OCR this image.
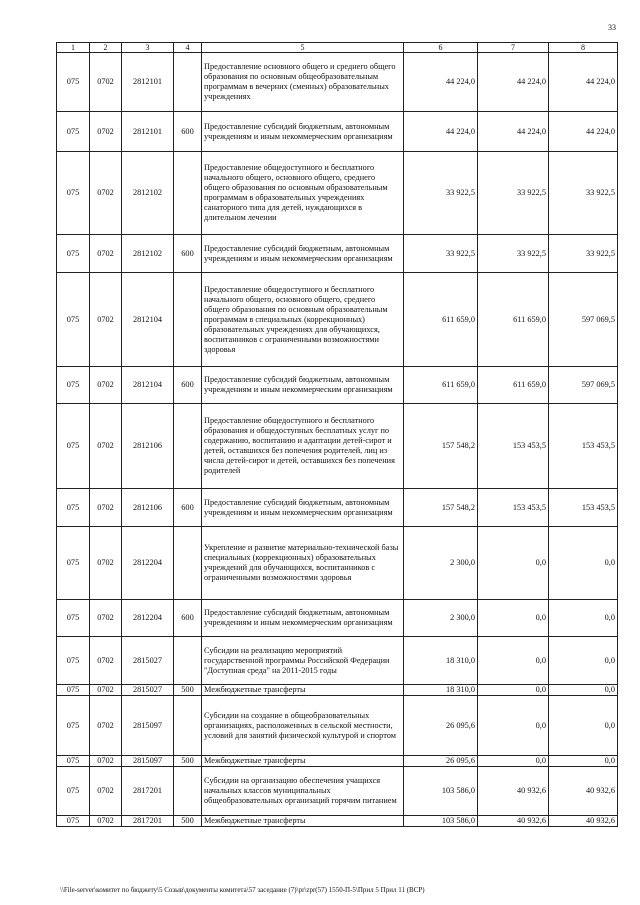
33
1	2	3	4	5	6	7	8
075	0702	2812101		Предоставление основного общего и среднего общего образования по основным общеобразовательным программам в вечерних (сменных) образовательных учреждениях	44 224,0	44 224,0	44 224,0
075	0702	2812101	600	Предоставление субсидий бюджетным, автономным учреждениям и иным некоммерческим организациям	44 224,0	44 224,0	44 224,0
075	0702	2812102		Предоставление общедоступного и бесплатного начального общего, основного общего, среднего общего образования по основным образовательным программам в образовательных учреждениях санаторного типа для детей, нуждающихся в длительном лечении	33 922,5	33 922,5	33 922,5
075	0702	2812102	600	Предоставление субсидий бюджетным, автономным учреждениям и иным некоммерческим организациям	33 922,5	33 922,5	33 922,5
075	0702	2812104		Предоставление общедоступного и бесплатного начального общего, основного общего, среднего общего образования по основным образовательным программам в специальных (коррекционных) образовательных учреждениях для обучающихся, воспитанников с ограниченными возможностями здоровья	611 659,0	611 659,0	597 069,5
075	0702	2812104	600	Предоставление субсидий бюджетным, автономным учреждениям и иным некоммерческим организациям	611 659,0	611 659,0	597 069,5
075	0702	2812106		Предоставление общедоступного и бесплатного образования и общедоступных бесплатных услуг по содержанию, воспитанию и адаптации детей-сирот и детей, оставшихся без попечения родителей, лиц из числа детей-сирот и детей, оставшихся без попечения родителей	157 548,2	153 453,5	153 453,5
075	0702	2812106	600	Предоставление субсидий бюджетным, автономным учреждениям и иным некоммерческим организациям	157 548,2	153 453,5	153 453,5
075	0702	2812204		Укрепление и развитие материально-технической базы специальных (коррекционных) образовательных учреждений для обучающихся, воспитанников с ограниченными возможностями здоровья	2 300,0	0,0	0,0
075	0702	2812204	600	Предоставление субсидий бюджетным, автономным учреждениям и иным некоммерческим организациям	2 300,0	0,0	0,0
075	0702	2815027		Субсидии на реализацию мероприятий государственной программы Российской Федерации "Доступная среда" на 2011-2015 годы	18 310,0	0,0	0,0
075	0702	2815027	500	Межбюджетные трансферты	18 310,0	0,0	0,0
075	0702	2815097		Субсидии на создание в общеобразовательных организациях, расположенных в сельской местности, условий для занятий физической культурой и спортом	26 095,6	0,0	0,0
075	0702	2815097	500	Межбюджетные трансферты	26 095,6	0,0	0,0
075	0702	2817201		Субсидии на организацию обеспечения учащихся начальных классов муниципальных общеобразовательных организаций горячим питанием	103 586,0	40 932,6	40 932,6
075	0702	2817201	500	Межбюджетные трансферты	103 586,0	40 932,6	40 932,6
\\File-server\комитет по бюджету\5 Созыв\документы комитета\57 заседание (7)\pr\zpr(57) 1550-П-5\Прил 5 Прил 11 (ВСР)
